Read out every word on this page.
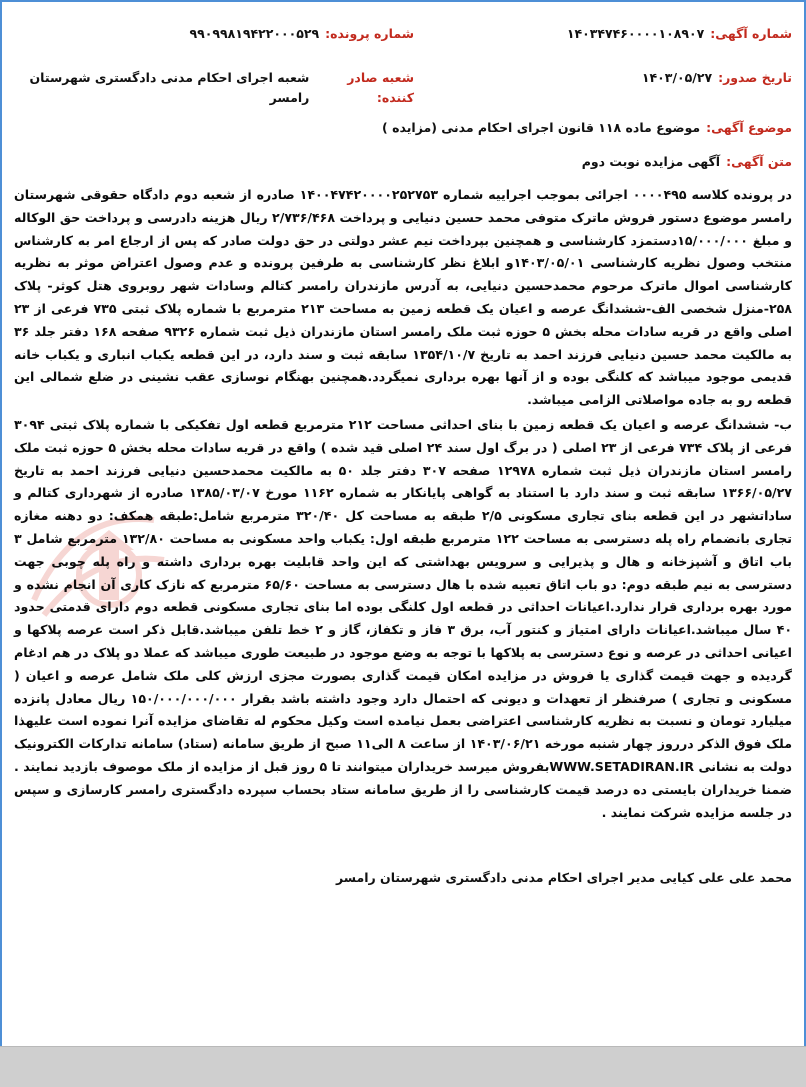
شماره آگهی:
۱۴۰۳۴۷۴۶۰۰۰۰۱۰۸۹۰۷
شماره پرونده:
۹۹۰۹۹۸۱۹۴۲۲۰۰۰۵۲۹
تاریخ صدور:
۱۴۰۳/۰۵/۲۷
شعبه صادر کننده:
شعبه اجرای احکام مدنی دادگستری شهرستان رامسر
موضوع آگهی:
موضوع ماده ۱۱۸ قانون اجرای احکام مدنی (مزایده )
متن آگهی:
آگهی مزایده نوبت دوم

در پرونده کلاسه ۰۰۰۰۴۹۵ اجرائی بموجب اجراییه شماره ۱۴۰۰۴۷۴۲۰۰۰۰۲۵۲۷۵۳ صادره از شعبه دوم دادگاه حقوقی شهرستان رامسر موضوع دستور فروش ماترک متوفی محمد حسین دنیایی و پرداخت ۲/۷۳۶/۴۶۸ ریال هزینه دادرسی و پرداخت حق الوکاله و مبلغ ۱۵/۰۰۰/۰۰۰دستمزد کارشناسی و همچنین بپرداخت نیم عشر دولتی در حق دولت صادر که پس از ارجاع امر به کارشناس منتخب وصول نظریه کارشناسی ۱۴۰۳/۰۵/۰۱و ابلاغ نظر کارشناسی به طرفین پرونده و عدم وصول اعتراض موثر به نظریه کارشناسی اموال ماترک مرحوم محمدحسین دنیایی، به آدرس مازندران رامسر کتالم وسادات شهر روبروی هتل کوثر- پلاک ۲۵۸-منزل شخصی الف-ششدانگ عرصه و اعیان یک قطعه زمین به مساحت ۲۱۳ مترمربع با شماره پلاک ثبتی ۷۳۵ فرعی از ۲۳ اصلی واقع در قریه سادات محله بخش ۵ حوزه ثبت ملک رامسر استان مازندران ذیل ثبت شماره ۹۳۲۶ صفحه ۱۶۸ دفتر جلد ۳۶ به مالکیت محمد حسین دنیایی فرزند احمد به تاریخ ۱۳۵۴/۱۰/۷ سابقه ثبت و سند دارد، در این قطعه یکباب انباری و یکباب خانه قدیمی موجود میباشد که کلنگی بوده و از آنها بهره برداری نمیگردد.همچنین بهنگام نوسازی عقب نشینی در ضلع شمالی این قطعه رو به جاده مواصلاتی الزامی میباشد.

ب- ششدانگ عرصه و اعیان یک قطعه زمین با بنای احداثی مساحت ۲۱۲ مترمربع قطعه اول تفکیکی با شماره پلاک ثبتی ۳۰۹۴ فرعی از پلاک ۷۳۴ فرعی از ۲۳ اصلی ( در برگ اول سند ۲۴ اصلی قید شده ) واقع در قریه سادات محله بخش ۵ حوزه ثبت ملک رامسر استان مازندران ذیل ثبت شماره ۱۲۹۷۸ صفحه ۳۰۷ دفتر جلد ۵۰ به مالکیت محمدحسین دنیایی فرزند احمد به تاریخ ۱۳۶۶/۰۵/۲۷ سابقه ثبت و سند دارد با استناد به گواهی پایانکار به شماره ۱۱۶۲ مورخ ۱۳۸۵/۰۳/۰۷ صادره از شهرداری کتالم و ساداتشهر در این قطعه بنای تجاری مسکونی ۲/۵ طبقه به مساحت کل ۳۲۰/۴۰ مترمربع شامل:طبقه همکف: دو دهنه مغازه تجاری بانضمام راه پله دسترسی به مساحت ۱۲۲ مترمربع طبقه اول: یکباب واحد مسکونی به مساحت ۱۳۲/۸۰ مترمربع شامل ۳ باب اتاق و آشپزخانه و هال و پذیرایی و سرویس بهداشتی که این واحد قابلیت بهره برداری داشته و راه پله چوبی جهت دسترسی به نیم طبقه دوم: دو باب اتاق تعبیه شده با هال دسترسی به مساحت ۶۵/۶۰ مترمربع که نازک کاری آن انجام نشده و مورد بهره برداری قرار ندارد.اعیانات احداثی در قطعه اول کلنگی بوده اما بنای تجاری مسکونی قطعه دوم دارای قدمتی حدود ۴۰ سال میباشد.اعیانات دارای امتیاز و کنتور آب، برق ۳ فاز و تکفاز، گاز و ۲ خط تلفن میباشد.قابل ذکر است عرصه پلاکها و اعیانی احداثی در عرصه و نوع دسترسی به پلاکها با توجه به وضع موجود در طبیعت طوری میباشد که عملا دو پلاک در هم ادغام گردیده و جهت قیمت گذاری یا فروش در مزایده امکان قیمت گذاری بصورت مجزی ارزش کلی ملک شامل عرصه و اعیان ( مسکونی و تجاری ) صرفنظر از تعهدات و دیونی که احتمال دارد وجود داشته باشد بقرار ۱۵۰/۰۰۰/۰۰۰/۰۰۰ ریال معادل پانزده میلیارد تومان و نسبت به نظریه کارشناسی اعتراضی بعمل نیامده است وکیل محکوم له تقاضای مزایده آنرا نموده است علیهذا ملک فوق الذکر درروز چهار شنبه مورخه ۱۴۰۳/۰۶/۲۱ از ساعت ۸ الی۱۱ صبح از طریق سامانه (ستاد) سامانه تدارکات الکترونیک دولت به نشانی WWW.SETADIRAN.IRبفروش میرسد خریداران میتوانند تا ۵ روز قبل از مزایده از ملک موصوف بازدید نمایند . ضمنا خریداران بایستی ده درصد قیمت کارشناسی را از طریق سامانه ستاد بحساب سپرده دادگستری رامسر کارسازی و سپس در جلسه مزایده شرکت نمایند .

محمد علی علی کیایی مدیر اجرای احکام مدنی دادگستری شهرستان رامسر
